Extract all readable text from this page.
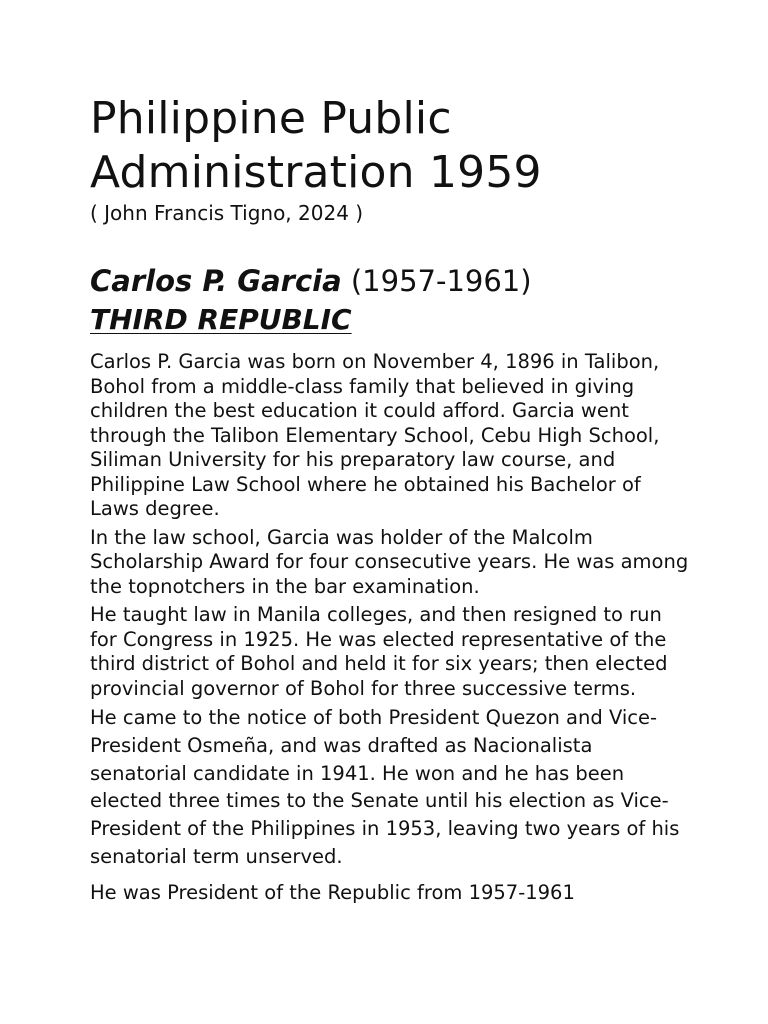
Philippine Public
Administration 1959

( John Francis Tigno, 2024 )

Carlos P. Garcia (1957-1961)
THIRD REPUBLIC

Carlos P. Garcia was born on November 4, 1896 in Talibon, Bohol from a middle-class family that believed in giving children the best education it could afford. Garcia went through the Talibon Elementary School, Cebu High School, Siliman University for his preparatory law course, and Philippine Law School where he obtained his Bachelor of Laws degree.

In the law school, Garcia was holder of the Malcolm Scholarship Award for four consecutive years. He was among the topnotchers in the bar examination.

He taught law in Manila colleges, and then resigned to run for Congress in 1925. He was elected representative of the third district of Bohol and held it for six years; then elected provincial governor of Bohol for three successive terms.

He came to the notice of both President Quezon and Vice-President Osmeña, and was drafted as Nacionalista senatorial candidate in 1941. He won and he has been elected three times to the Senate until his election as Vice-President of the Philippines in 1953, leaving two years of his senatorial term unserved.

He was President of the Republic from 1957-1961
